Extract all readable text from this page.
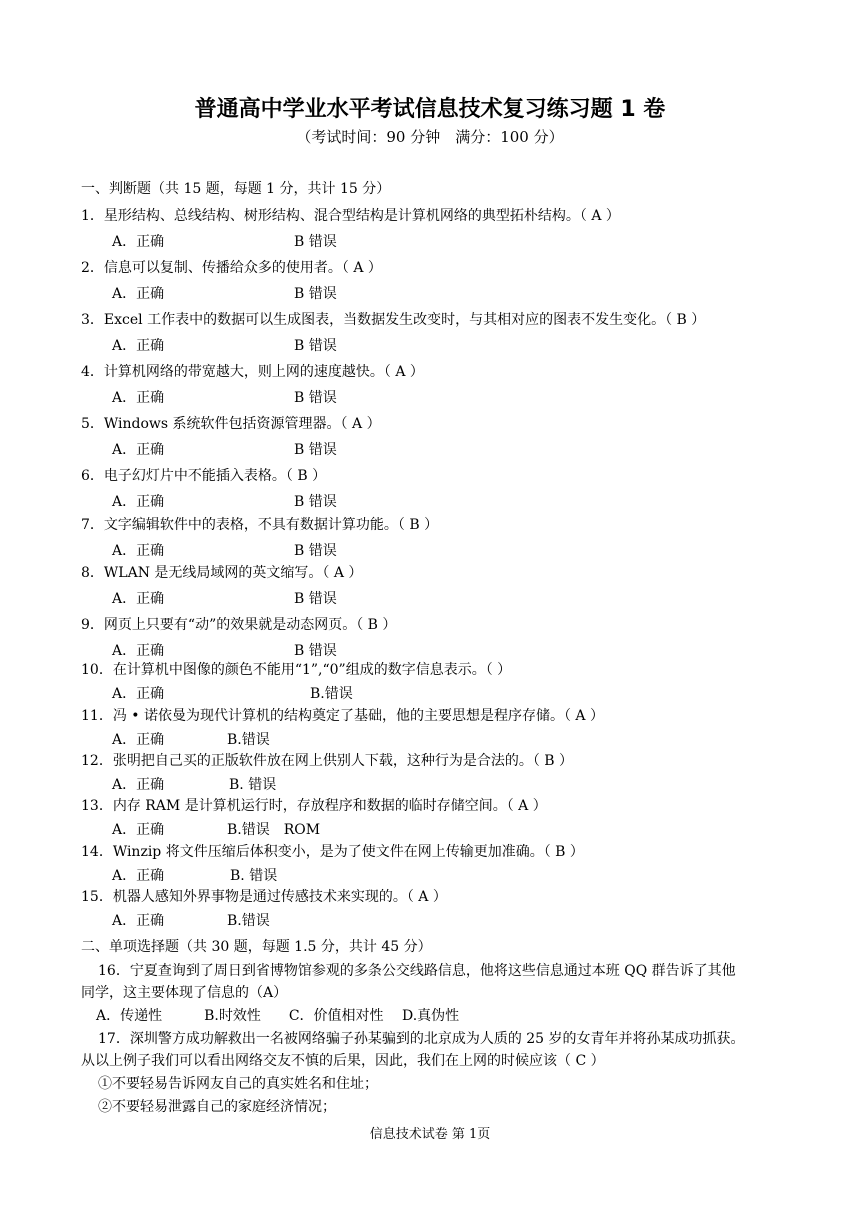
普通高中学业水平考试信息技术复习练习题 1 卷
（考试时间：90 分钟　满分：100 分）
一、判断题（共 15 题，每题 1 分，共计 15 分）
1．星形结构、总线结构、树形结构、混合型结构是计算机网络的典型拓朴结构。（ A ）
A．正确	B 错误
2．信息可以复制、传播给众多的使用者。（ A ）
A．正确	B 错误
3．Excel 工作表中的数据可以生成图表，当数据发生改变时，与其相对应的图表不发生变化。（ B ）
A．正确	B 错误
4．计算机网络的带宽越大，则上网的速度越快。（ A ）
A．正确	B 错误
5．Windows 系统软件包括资源管理器。（ A ）
A．正确	B 错误
6．电子幻灯片中不能插入表格。（ B ）
A．正确	B 错误
7．文字编辑软件中的表格，不具有数据计算功能。（ B ）
A．正确	B 错误
8．WLAN 是无线局域网的英文缩写。（ A ）
A．正确	B 错误
9．网页上只要有“动”的效果就是动态网页。（ B ）
A．正确	B 错误
10．在计算机中图像的颜色不能用“1”,“0”组成的数字信息表示。（ ）
A．正确	B.错误
11．冯 • 诺依曼为现代计算机的结构奠定了基础，他的主要思想是程序存储。（ A ）
A．正确	B.错误
12．张明把自己买的正版软件放在网上供别人下载，这种行为是合法的。（ B ）
A．正确	B. 错误
13．内存 RAM 是计算机运行时，存放程序和数据的临时存储空间。（ A ）
A．正确	B.错误　ROM
14．Winzip 将文件压缩后体积变小，是为了使文件在网上传输更加准确。（ B ）
A．正确	B. 错误
15．机器人感知外界事物是通过传感技术来实现的。（ A ）
A．正确	B.错误
二、单项选择题（共 30 题，每题 1.5 分，共计 45 分）
16．宁夏查询到了周日到省博物馆参观的多条公交线路信息，他将这些信息通过本班 QQ 群告诉了其他
同学，这主要体现了信息的（A）
A．传递性　　　B.时效性　　C．价值相对性　 D.真伪性
17．深圳警方成功解救出一名被网络骗子孙某骗到的北京成为人质的 25 岁的女青年并将孙某成功抓获。
从以上例子我们可以看出网络交友不慎的后果，因此，我们在上网的时候应该（ C ）
①不要轻易告诉网友自己的真实姓名和住址；
②不要轻易泄露自己的家庭经济情况；
信息技术试卷 第 1页
